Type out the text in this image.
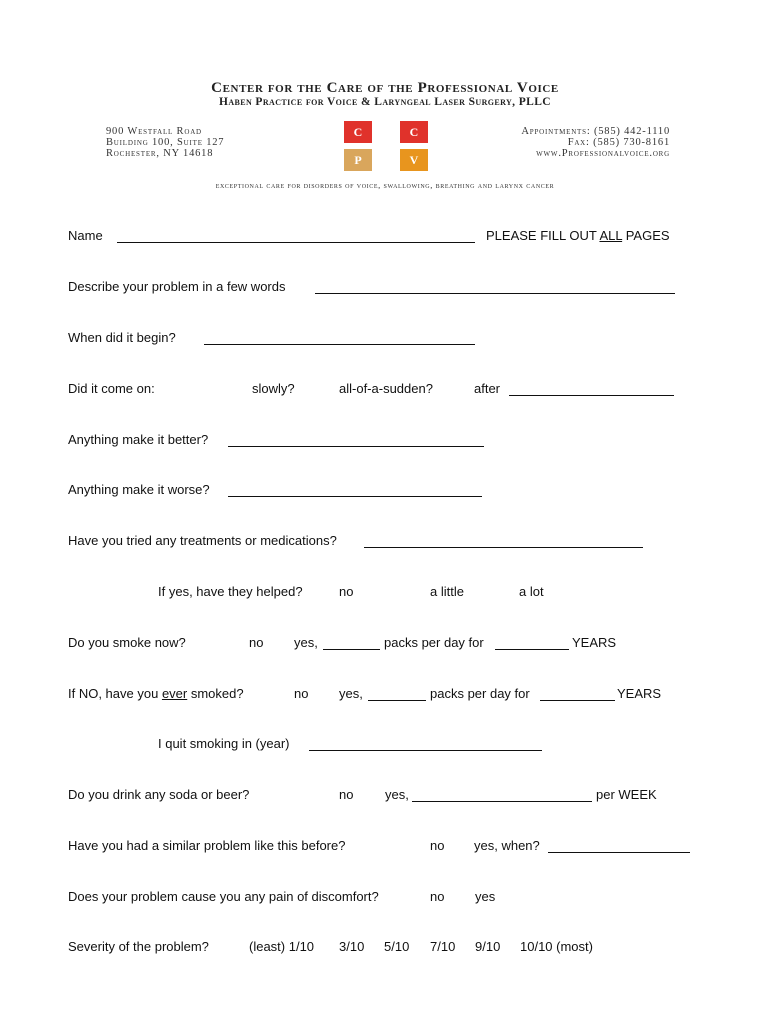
Center for the Care of the Professional Voice
Haben Practice for Voice & Laryngeal Laser Surgery, PLLC
900 Westfall Road
Building 100, Suite 127
Rochester, NY 14618
C	C
P	V
Appointments: (585) 442-1110
Fax: (585) 730-8161
www.Professionalvoice.org
exceptional care for disorders of voice, swallowing, breathing and larynx cancer
Name	PLEASE FILL OUT ALL PAGES
Describe your problem in a few words
When did it begin?
Did it come on:	slowly?	all-of-a-sudden?	after
Anything make it better?
Anything make it worse?
Have you tried any treatments or medications?
If yes, have they helped?	no	a little	a lot
Do you smoke now?	no yes,	packs per day for	YEARS
If NO, have you ever smoked?	no yes,	packs per day for	YEARS
I quit smoking in (year)
Do you drink any soda or beer?	no yes,	per WEEK
Have you had a similar problem like this before?	no yes, when?
Does your problem cause you any pain of discomfort?	no yes
Severity of the problem?	(least) 1/10 3/10 5/10 7/10 9/10 10/10 (most)
